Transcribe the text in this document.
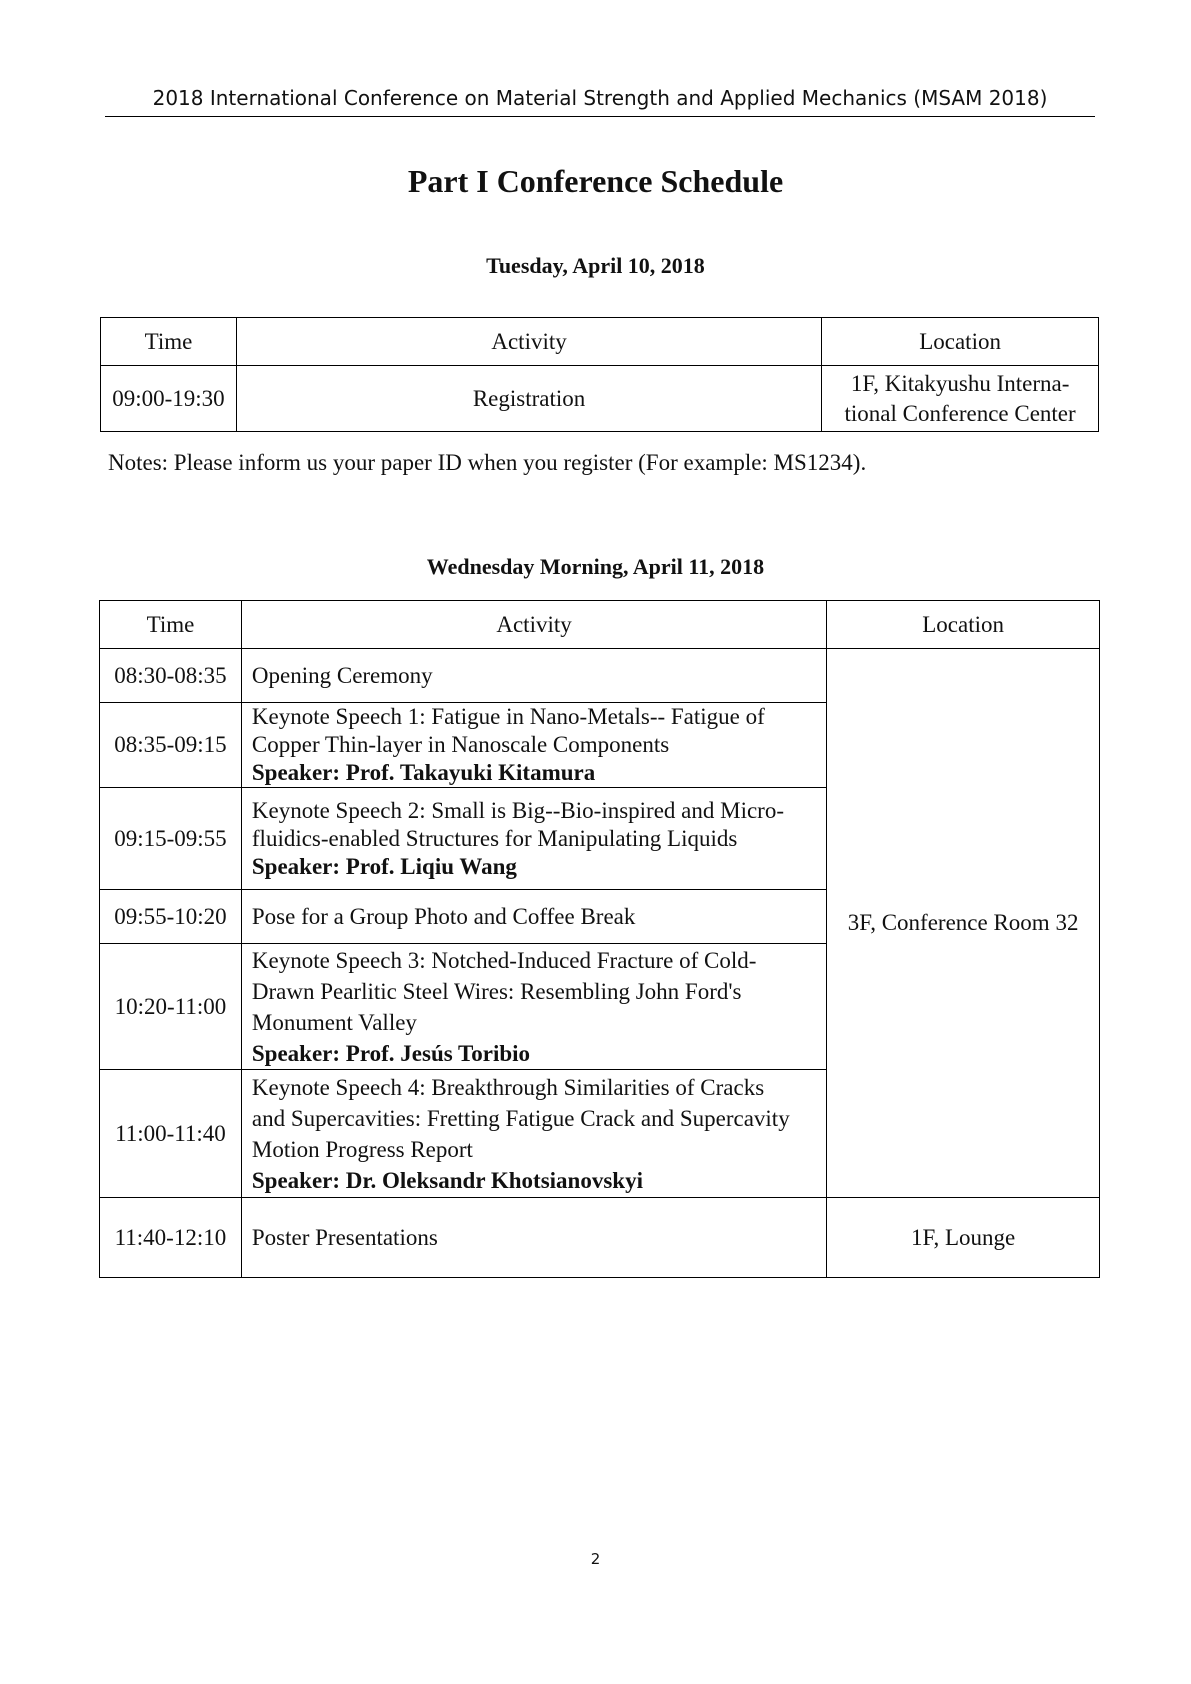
2018 International Conference on Material Strength and Applied Mechanics (MSAM 2018)
Part I Conference Schedule
Tuesday, April 10, 2018
Time	Activity	Location
09:00-19:30	Registration	1F, Kitakyushu Interna-
tional Conference Center
Notes: Please inform us your paper ID when you register (For example: MS1234).
Wednesday Morning, April 11, 2018
Time	Activity	Location
08:30-08:35	Opening Ceremony	3F, Conference Room 32
08:35-09:15	Keynote Speech 1: Fatigue in Nano-Metals-- Fatigue of
Copper Thin-layer in Nanoscale Components
Speaker: Prof. Takayuki Kitamura	

09:15-09:55	Keynote Speech 2: Small is Big--Bio-inspired and Micro-
fluidics-enabled Structures for Manipulating Liquids
Speaker: Prof. Liqiu Wang	

09:55-10:20	Pose for a Group Photo and Coffee Break	
10:20-11:00	Keynote Speech 3: Notched-Induced Fracture of Cold-
Drawn Pearlitic Steel Wires: Resembling John Ford's
Monument Valley
Speaker: Prof. Jesús Toribio	

11:00-11:40	Keynote Speech 4: Breakthrough Similarities of Cracks
and Supercavities: Fretting Fatigue Crack and Supercavity
Motion Progress Report
Speaker: Dr. Oleksandr Khotsianovskyi	

11:40-12:10	Poster Presentations	1F, Lounge
2
